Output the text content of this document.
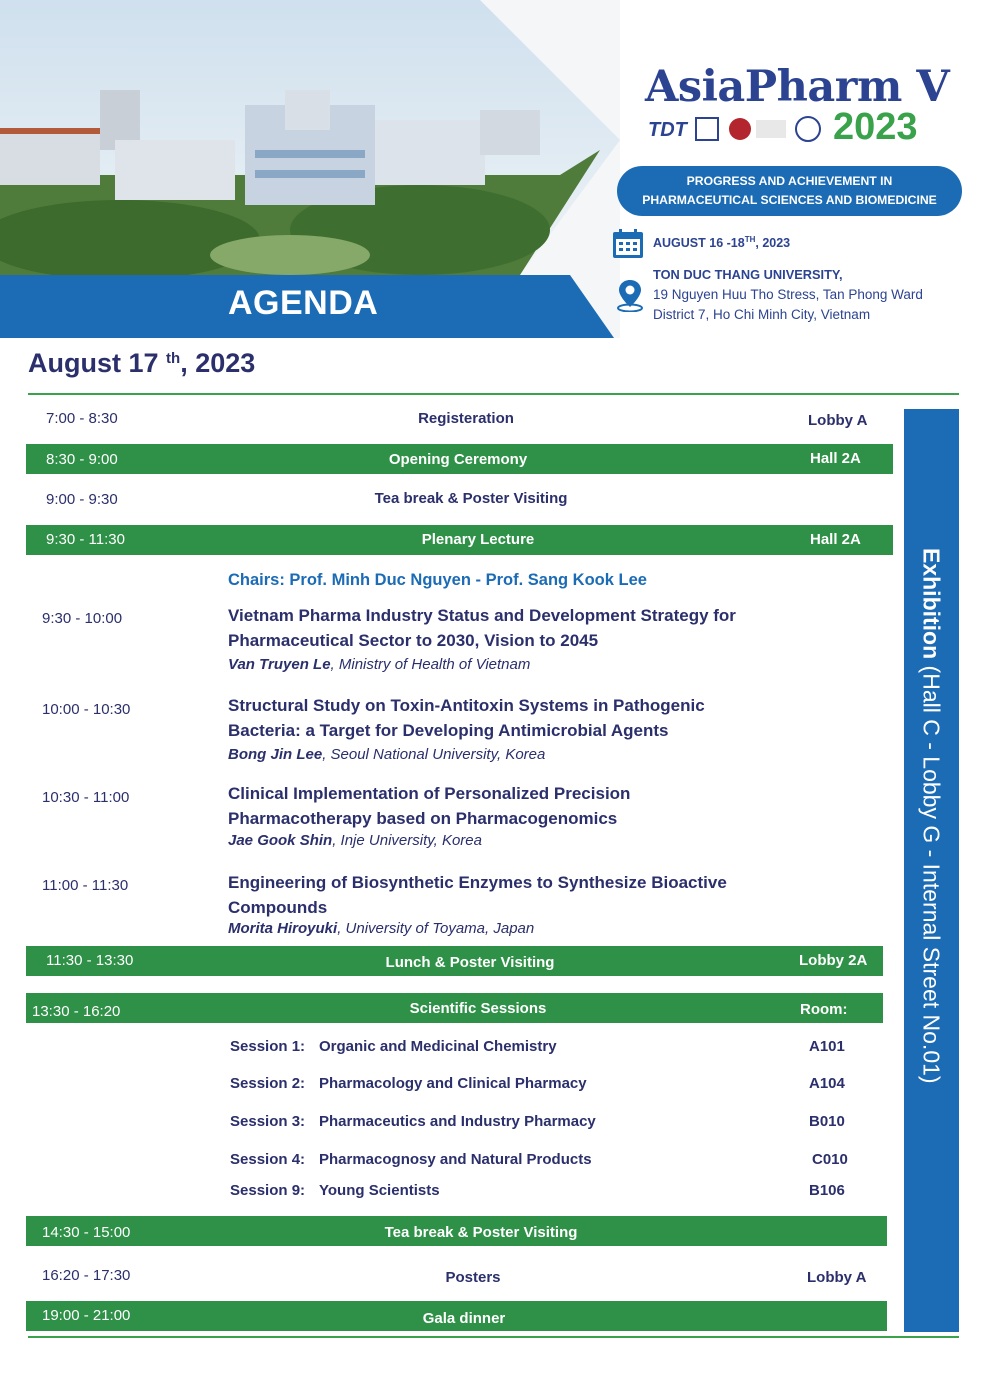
AGENDA
AsiaPharm V
TDT	2023
PROGRESS AND ACHIEVEMENT IN
PHARMACEUTICAL SCIENCES AND BIOMEDICINE
AUGUST 16 -18TH, 2023
TON DUC THANG UNIVERSITY,
19 Nguyen Huu Tho Stress, Tan Phong Ward
District 7, Ho Chi Minh City, Vietnam
August 17 $^{th}$, 2023
7:00 - 8:30	Registeration	Lobby A
8:30 - 9:00	Opening Ceremony	Hall 2A
9:00 - 9:30	Tea break & Poster Visiting
9:30 - 11:30	Plenary Lecture	Hall 2A
Chairs: Prof. Minh Duc Nguyen - Prof. Sang Kook Lee
9:30 - 10:00	Vietnam Pharma Industry Status and Development Strategy for
Pharmaceutical Sector to 2030, Vision to 2045
Van Truyen Le, Ministry of Health of Vietnam
10:00 - 10:30	Structural Study on Toxin-Antitoxin Systems in Pathogenic
Bacteria: a Target for Developing Antimicrobial Agents
Bong Jin Lee, Seoul National University, Korea
10:30 - 11:00	Clinical Implementation of Personalized Precision
Pharmacotherapy based on Pharmacogenomics
Jae Gook Shin, Inje University, Korea
11:00 - 11:30	Engineering of Biosynthetic Enzymes to Synthesize Bioactive
Compounds
Morita Hiroyuki, University of Toyama, Japan
11:30 - 13:30	Lunch & Poster Visiting	Lobby 2A
13:30 - 16:20	Scientific Sessions	Room:
Session 1: Organic and Medicinal Chemistry	A101
Session 2: Pharmacology and Clinical Pharmacy	A104
Session 3: Pharmaceutics and Industry Pharmacy	B010
Session 4: Pharmacognosy and Natural Products	C010
Session 9: Young Scientists	B106
14:30 - 15:00	Tea break & Poster Visiting
16:20 - 17:30	Posters	Lobby A
19:00 - 21:00	Gala dinner
Exhibition (Hall C - Lobby G - Internal Street No.01)
